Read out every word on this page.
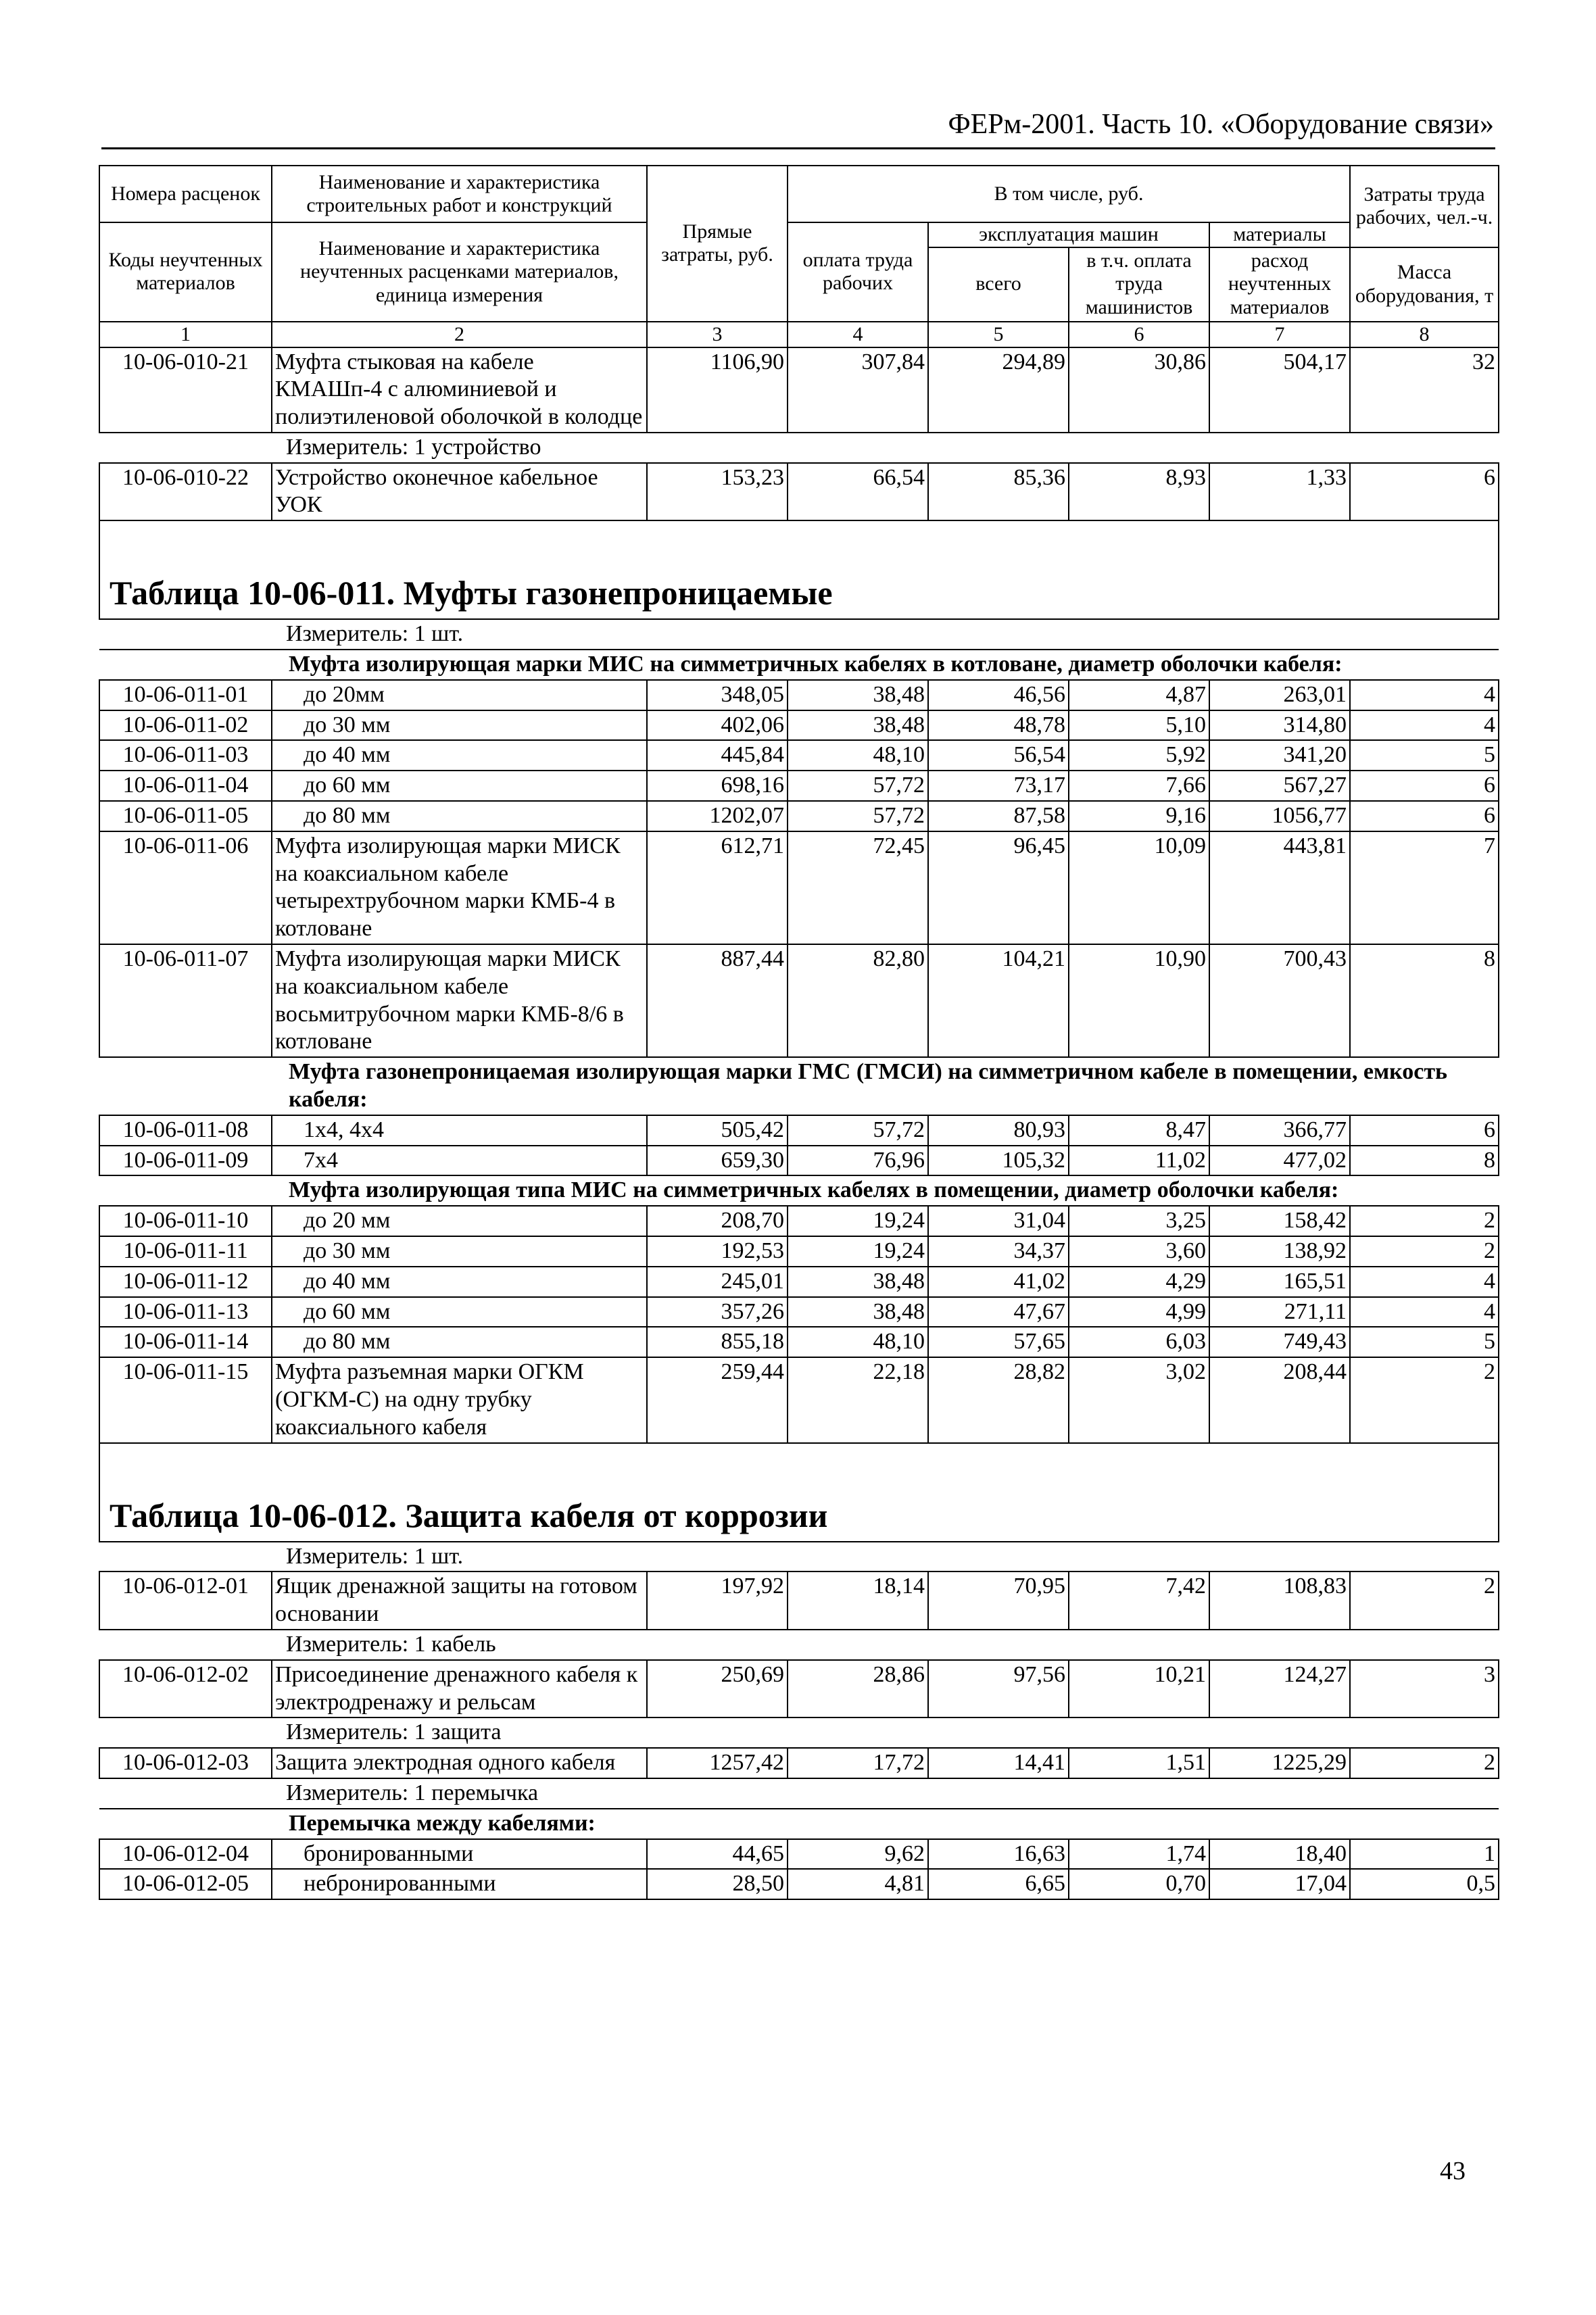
ФЕРм-2001. Часть 10. «Оборудование связи»
Номера расценок	Наименование и характеристика строительных работ и конструкций	Прямые затраты, руб.	В том числе, руб.				Затраты труда рабочих, чел.-ч.
Коды неучтенных материалов	Наименование и характеристика неучтенных расценками материалов, единица измерения		оплата труда рабочих	эксплуатация машин		материалы	
				всего	в т.ч. оплата труда машинистов	расход неучтенных материалов	Масса оборудования, т
1	2	3	4	5	6	7	8
10-06-010-21	Муфта стыковая на кабеле КМАШп-4 с алюминиевой и полиэтиленовой оболочкой в колодце	1106,90	307,84	294,89	30,86	504,17	32
Измеритель: 1 устройство							
10-06-010-22	Устройство оконечное кабельное УОК	153,23	66,54	85,36	8,93	1,33	6

Таблица 10-06-011. Муфты газонепроницаемые							
Измеритель: 1 шт.							
Муфта изолирующая марки МИС на симметричных кабелях в котловане, диаметр оболочки кабеля:							
10-06-011-01	до 20мм	348,05	38,48	46,56	4,87	263,01	4
10-06-011-02	до 30 мм	402,06	38,48	48,78	5,10	314,80	4
10-06-011-03	до 40 мм	445,84	48,10	56,54	5,92	341,20	5
10-06-011-04	до 60 мм	698,16	57,72	73,17	7,66	567,27	6
10-06-011-05	до 80 мм	1202,07	57,72	87,58	9,16	1056,77	6
10-06-011-06	Муфта изолирующая марки МИСК на коаксиальном кабеле четырехтрубочном марки КМБ-4 в котловане	612,71	72,45	96,45	10,09	443,81	7
10-06-011-07	Муфта изолирующая марки МИСК на коаксиальном кабеле восьмитрубочном марки КМБ-8/6 в котловане	887,44	82,80	104,21	10,90	700,43	8
Муфта газонепроницаемая изолирующая марки ГМС (ГМСИ) на симметричном кабеле в помещении, емкость кабеля:							
10-06-011-08	1х4, 4х4	505,42	57,72	80,93	8,47	366,77	6
10-06-011-09	7х4	659,30	76,96	105,32	11,02	477,02	8
Муфта изолирующая типа МИС на симметричных кабелях в помещении, диаметр оболочки кабеля:							
10-06-011-10	до 20 мм	208,70	19,24	31,04	3,25	158,42	2
10-06-011-11	до 30 мм	192,53	19,24	34,37	3,60	138,92	2
10-06-011-12	до 40 мм	245,01	38,48	41,02	4,29	165,51	4
10-06-011-13	до 60 мм	357,26	38,48	47,67	4,99	271,11	4
10-06-011-14	до 80 мм	855,18	48,10	57,65	6,03	749,43	5
10-06-011-15	Муфта разъемная марки ОГКМ (ОГКМ-С) на одну трубку коаксиального кабеля	259,44	22,18	28,82	3,02	208,44	2

Таблица 10-06-012. Защита кабеля от коррозии							
Измеритель: 1 шт.							
10-06-012-01	Ящик дренажной защиты на готовом основании	197,92	18,14	70,95	7,42	108,83	2
Измеритель: 1 кабель							
10-06-012-02	Присоединение дренажного кабеля к электродренажу и рельсам	250,69	28,86	97,56	10,21	124,27	3
Измеритель: 1 защита							
10-06-012-03	Защита электродная одного кабеля	1257,42	17,72	14,41	1,51	1225,29	2
Измеритель: 1 перемычка							
Перемычка между кабелями:							
10-06-012-04	бронированными	44,65	9,62	16,63	1,74	18,40	1
10-06-012-05	небронированными	28,50	4,81	6,65	0,70	17,04	0,5
43
